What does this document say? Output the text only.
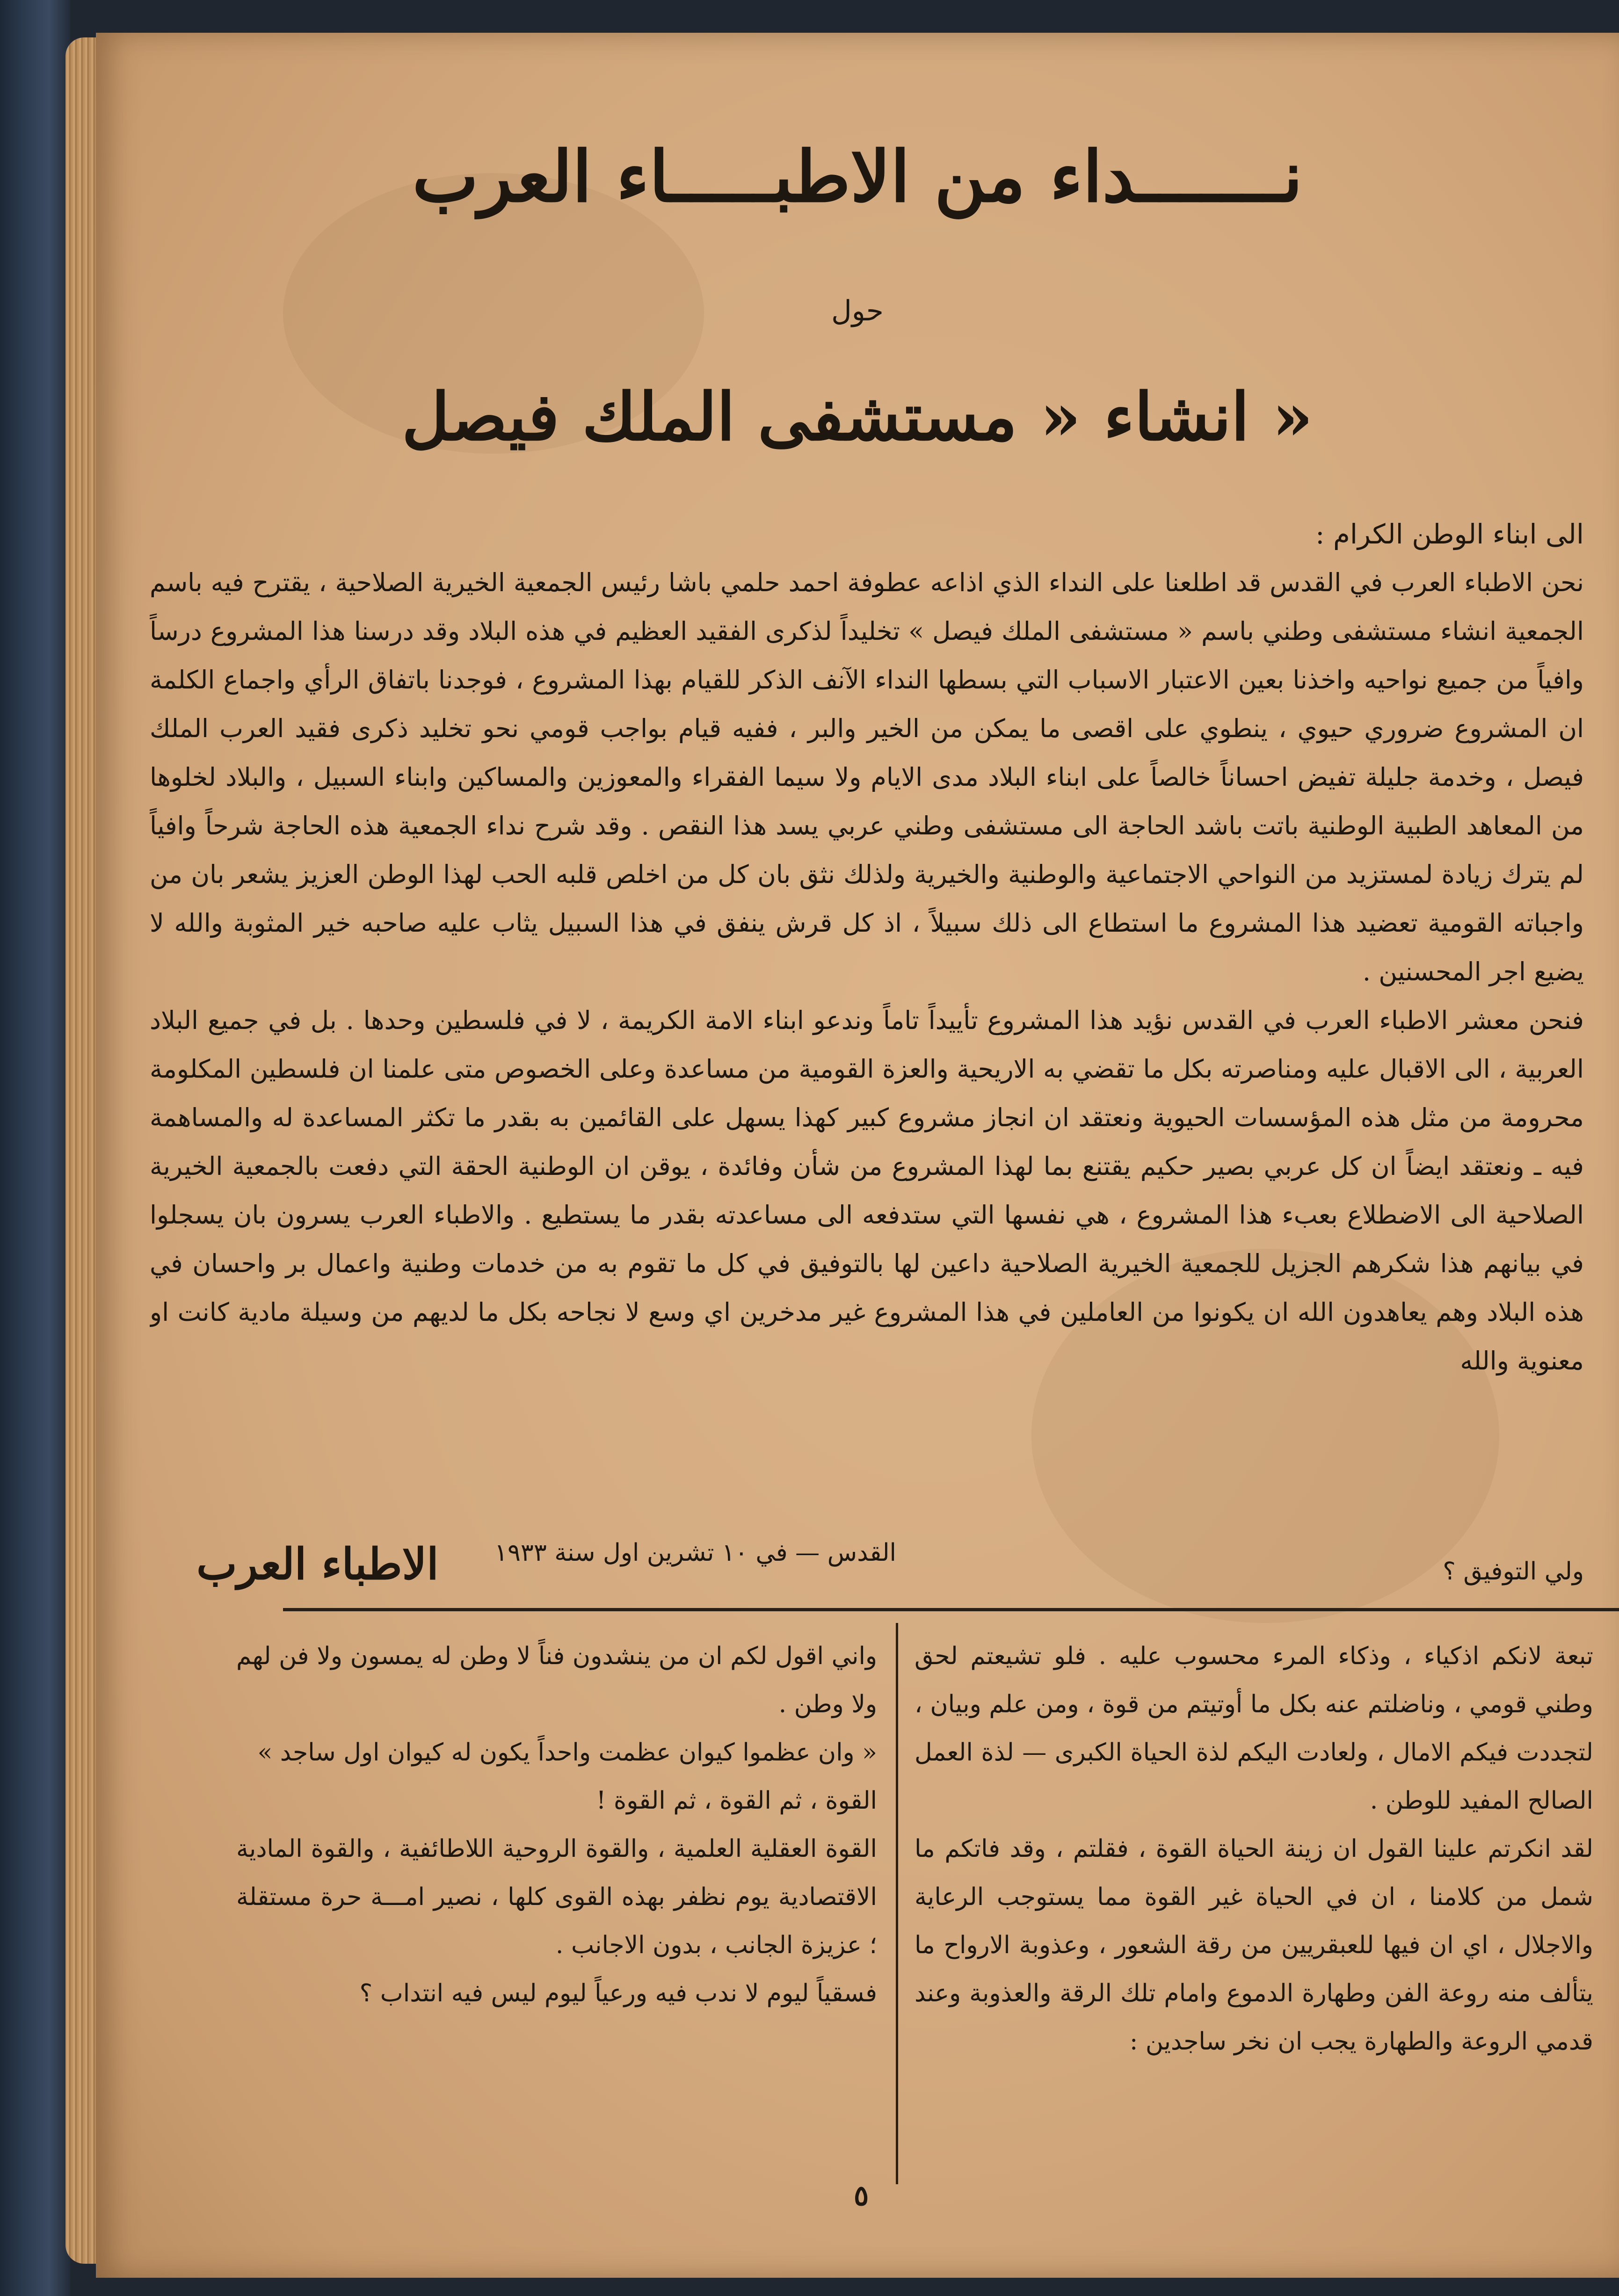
نـــــــداء من الاطبـــــاء العرب
حول
انشاء « مستشفى الملك فيصل »

الى ابناء الوطن الكرام :

نحن الاطباء العرب في القدس قد اطلعنا على النداء الذي اذاعه عطوفة احمد حلمي باشا رئيس الجمعية الخيرية الصلاحية ، يقترح فيه باسم الجمعية انشاء مستشفى وطني باسم « مستشفى الملك فيصل » تخليداً لذكرى الفقيد العظيم في هذه البلاد وقد درسنا هذا المشروع درساً وافياً من جميع نواحيه واخذنا بعين الاعتبار الاسباب التي بسطها النداء الآنف الذكر للقيام بهذا المشروع ، فوجدنا باتفاق الرأي واجماع الكلمة ان المشروع ضروري حيوي ، ينطوي على اقصى ما يمكن من الخير والبر ، ففيه قيام بواجب قومي نحو تخليد ذكرى فقيد العرب الملك فيصل ، وخدمة جليلة تفيض احساناً خالصاً على ابناء البلاد مدى الايام ولا سيما الفقراء والمعوزين والمساكين وابناء السبيل ، والبلاد لخلوها من المعاهد الطبية الوطنية باتت باشد الحاجة الى مستشفى وطني عربي يسد هذا النقص . وقد شرح نداء الجمعية هذه الحاجة شرحاً وافياً لم يترك زيادة لمستزيد من النواحي الاجتماعية والوطنية والخيرية ولذلك نثق بان كل من اخلص قلبه الحب لهذا الوطن العزيز يشعر بان من واجباته القومية تعضيد هذا المشروع ما استطاع الى ذلك سبيلاً ، اذ كل قرش ينفق في هذا السبيل يثاب عليه صاحبه خير المثوبة والله لا يضيع اجر المحسنين .

فنحن معشر الاطباء العرب في القدس نؤيد هذا المشروع تأييداً تاماً وندعو ابناء الامة الكريمة ، لا في فلسطين وحدها . بل في جميع البلاد العربية ، الى الاقبال عليه ومناصرته بكل ما تقضي به الاريحية والعزة القومية من مساعدة وعلى الخصوص متى علمنا ان فلسطين المكلومة محرومة من مثل هذه المؤسسات الحيوية ونعتقد ان انجاز مشروع كبير كهذا يسهل على القائمين به بقدر ما تكثر المساعدة له والمساهمة فيه ـ ونعتقد ايضاً ان كل عربي بصير حكيم يقتنع بما لهذا المشروع من شأن وفائدة ، يوقن ان الوطنية الحقة التي دفعت بالجمعية الخيرية الصلاحية الى الاضطلاع بعبء هذا المشروع ، هي نفسها التي ستدفعه الى مساعدته بقدر ما يستطيع . والاطباء العرب يسرون بان يسجلوا في بيانهم هذا شكرهم الجزيل للجمعية الخيرية الصلاحية داعين لها بالتوفيق في كل ما تقوم به من خدمات وطنية واعمال بر واحسان في هذه البلاد وهم يعاهدون الله ان يكونوا من العاملين في هذا المشروع غير مدخرين اي وسع لا نجاحه بكل ما لديهم من وسيلة مادية كانت او معنوية والله

ولي التوفيق ؟
القدس — في ١٠ تشرين اول سنة ١٩٣٣
الاطباء العرب

تبعة لانكم اذكياء ، وذكاء المرء محسوب عليه . فلو تشيعتم لحق وطني قومي ، وناضلتم عنه بكل ما أوتيتم من قوة ، ومن علم وبيان ، لتجددت فيكم الامال ، ولعادت اليكم لذة الحياة الكبرى — لذة العمل الصالح المفيد للوطن .

لقد انكرتم علينا القول ان زينة الحياة القوة ، فقلتم ، وقد فاتكم ما شمل من كلامنا ، ان في الحياة غير القوة مما يستوجب الرعاية والاجلال ، اي ان فيها للعبقريين من رقة الشعور ، وعذوبة الارواح ما يتألف منه روعة الفن وطهارة الدموع وامام تلك الرقة والعذوبة وعند قدمي الروعة والطهارة يجب ان نخر ساجدين :

واني اقول لكم ان من ينشدون فناً لا وطن له يمسون ولا فن لهم ولا وطن .

« وان عظموا كيوان عظمت واحداً يكون له كيوان اول ساجد »

القوة ، ثم القوة ، ثم القوة !

القوة العقلية العلمية ، والقوة الروحية اللاطائفية ، والقوة المادية الاقتصادية يوم نظفر بهذه القوى كلها ، نصير امـــة حرة مستقلة ؛ عزيزة الجانب ، بدون الاجانب .

فسقياً ليوم لا ندب فيه ورعياً ليوم ليس فيه انتداب ؟

٥
